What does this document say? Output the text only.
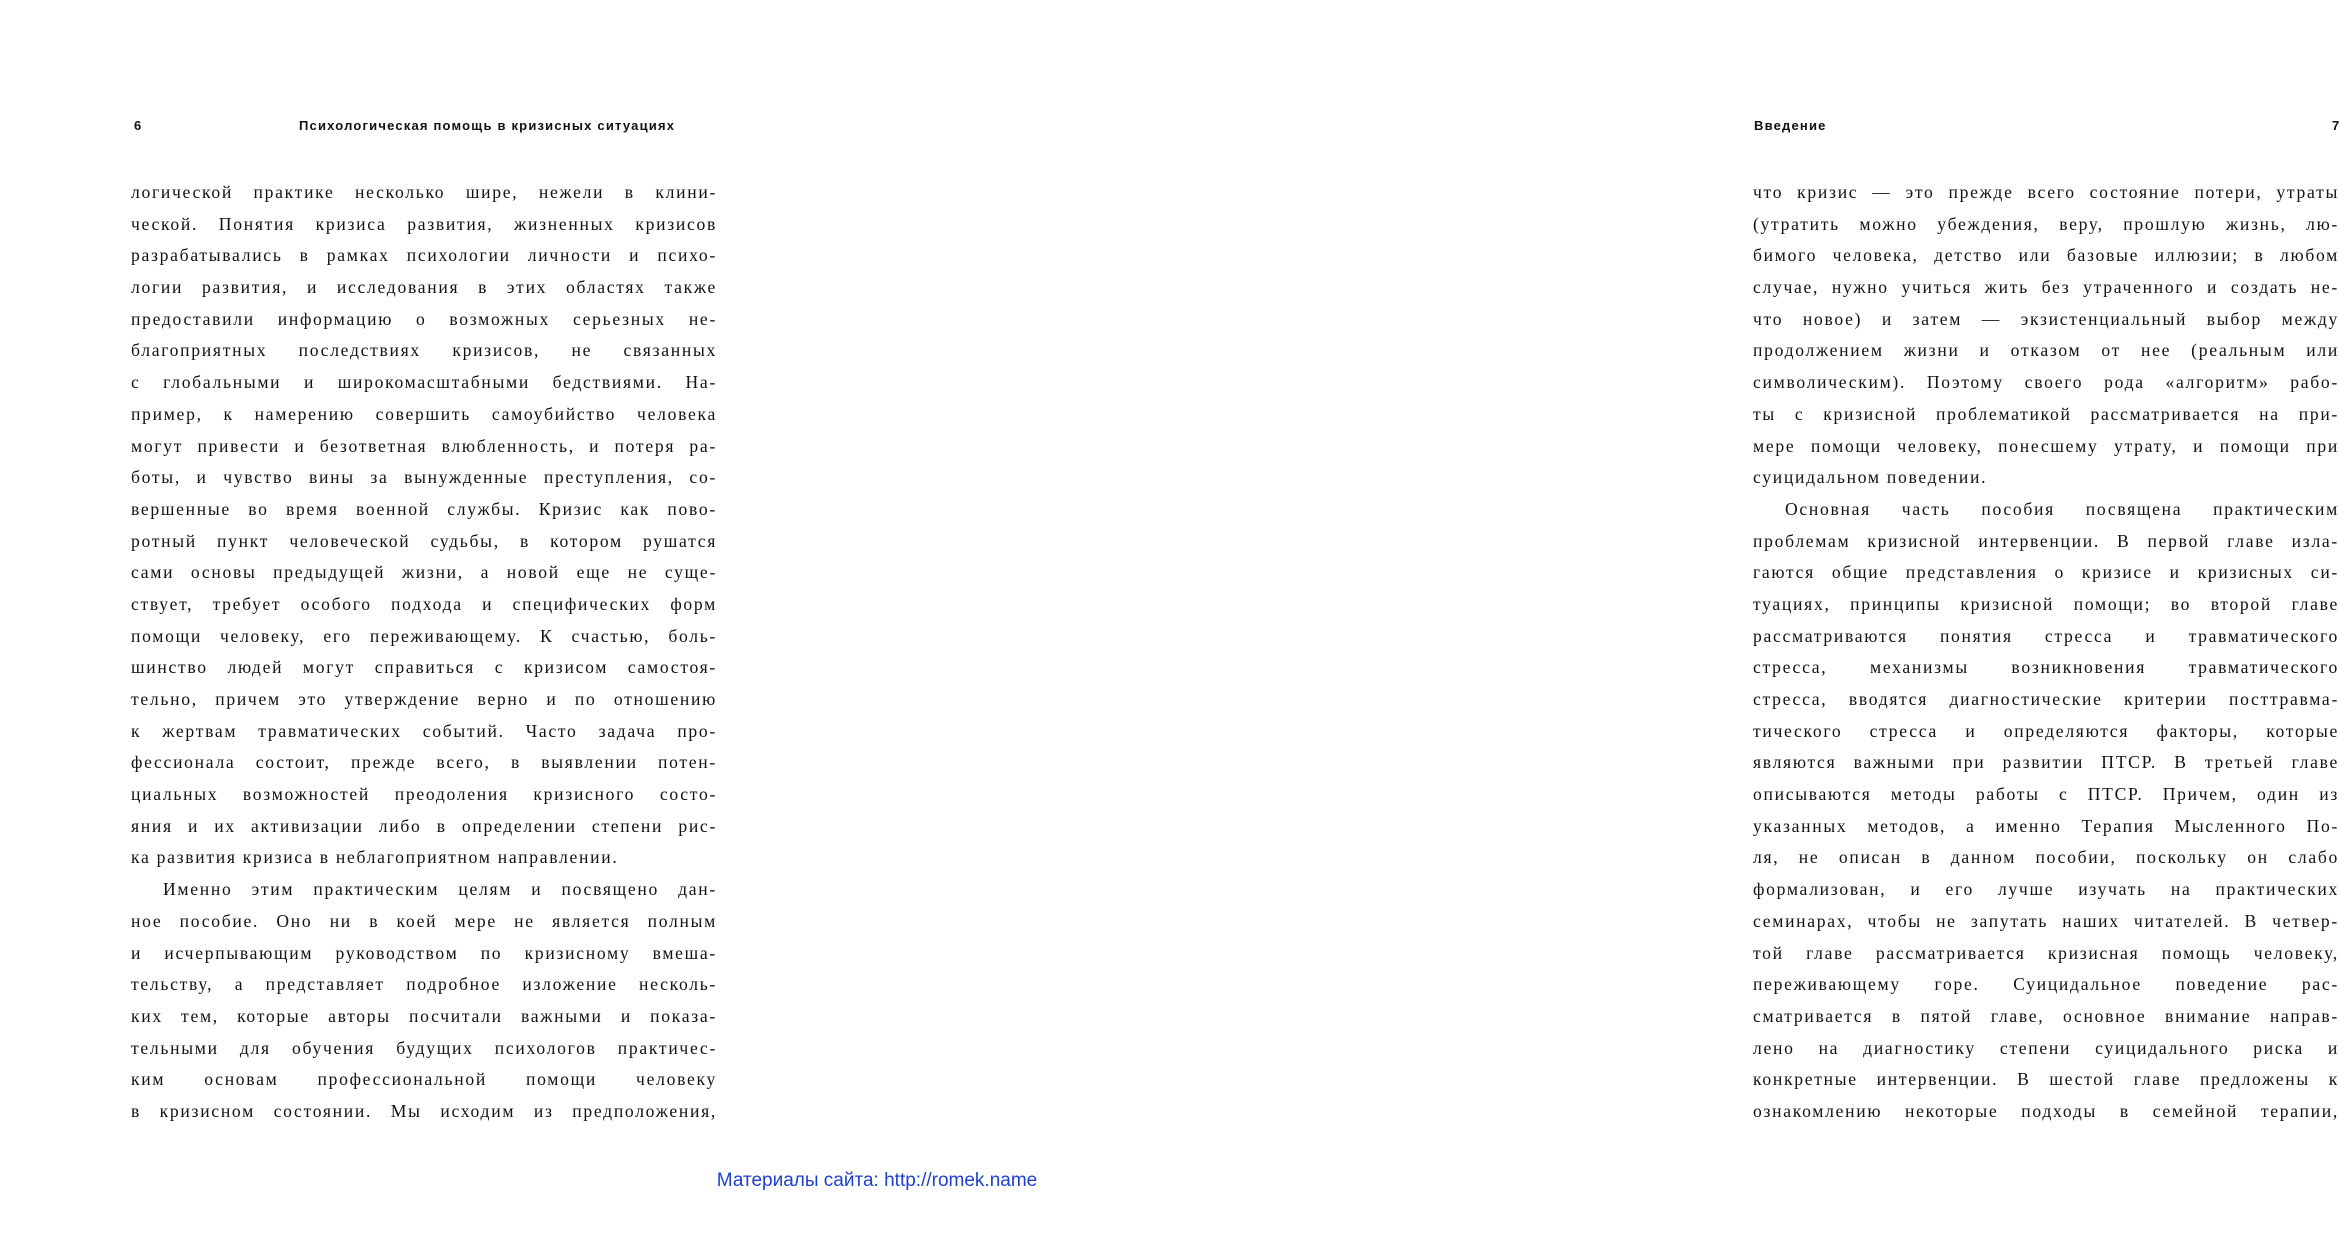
6	Психологическая помощь в кризисных ситуациях
логической практике несколько шире, нежели в клини-
ческой. Понятия кризиса развития, жизненных кризисов
разрабатывались в рамках психологии личности и психо-
логии развития, и исследования в этих областях также
предоставили информацию о возможных серьезных не-
благоприятных последствиях кризисов, не связанных
с глобальными и широкомасштабными бедствиями. На-
пример, к намерению совершить самоубийство человека
могут привести и безответная влюбленность, и потеря ра-
боты, и чувство вины за вынужденные преступления, со-
вершенные во время военной службы. Кризис как пово-
ротный пункт человеческой судьбы, в котором рушатся
сами основы предыдущей жизни, а новой еще не суще-
ствует, требует особого подхода и специфических форм
помощи человеку, его переживающему. К счастью, боль-
шинство людей могут справиться с кризисом самостоя-
тельно, причем это утверждение верно и по отношению
к жертвам травматических событий. Часто задача про-
фессионала состоит, прежде всего, в выявлении потен-
циальных возможностей преодоления кризисного состо-
яния и их активизации либо в определении степени рис-
ка развития кризиса в неблагоприятном направлении.
Именно этим практическим целям и посвящено дан-
ное пособие. Оно ни в коей мере не является полным
и исчерпывающим руководством по кризисному вмеша-
тельству, а представляет подробное изложение несколь-
ких тем, которые авторы посчитали важными и показа-
тельными для обучения будущих психологов практичес-
ким основам профессиональной помощи человеку
в кризисном состоянии. Мы исходим из предположения,
Введение	7
что кризис — это прежде всего состояние потери, утраты
(утратить можно убеждения, веру, прошлую жизнь, лю-
бимого человека, детство или базовые иллюзии; в любом
случае, нужно учиться жить без утраченного и создать не-
что новое) и затем — экзистенциальный выбор между
продолжением жизни и отказом от нее (реальным или
символическим). Поэтому своего рода «алгоритм» рабо-
ты с кризисной проблематикой рассматривается на при-
мере помощи человеку, понесшему утрату, и помощи при
суицидальном поведении.
Основная часть пособия посвящена практическим
проблемам кризисной интервенции. В первой главе изла-
гаются общие представления о кризисе и кризисных си-
туациях, принципы кризисной помощи; во второй главе
рассматриваются понятия стресса и травматического
стресса, механизмы возникновения травматического
стресса, вводятся диагностические критерии посттравма-
тического стресса и определяются факторы, которые
являются важными при развитии ПТСР. В третьей главе
описываются методы работы с ПТСР. Причем, один из
указанных методов, а именно Терапия Мысленного По-
ля, не описан в данном пособии, поскольку он слабо
формализован, и его лучше изучать на практических
семинарах, чтобы не запутать наших читателей. В четвер-
той главе рассматривается кризисная помощь человеку,
переживающему горе. Суицидальное поведение рас-
сматривается в пятой главе, основное внимание направ-
лено на диагностику степени суицидального риска и
конкретные интервенции. В шестой главе предложены к
ознакомлению некоторые подходы в семейной терапии,
Материалы сайта: http://romek.name
